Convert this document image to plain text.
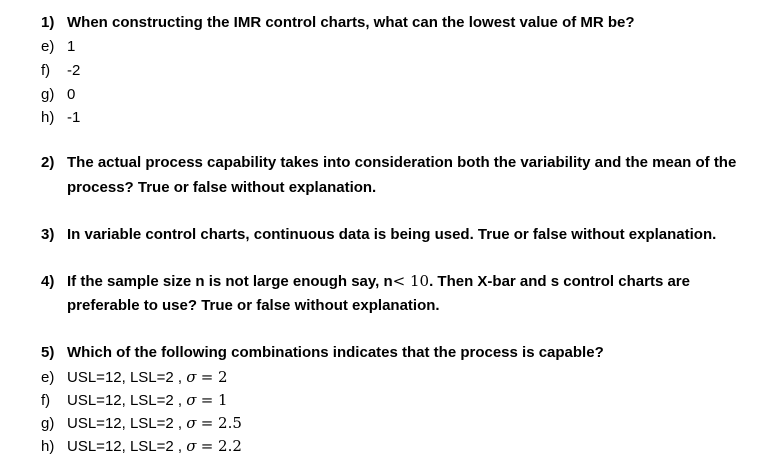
1) When constructing the IMR control charts, what can the lowest value of MR be?
e) 1
f) -2
g) 0
h) -1
2) The actual process capability takes into consideration both the variability and the mean of the
process? True or false without explanation.
3) In variable control charts, continuous data is being used. True or false without explanation.
4) If the sample size n is not large enough say, n< 10. Then X-bar and s control charts are
preferable to use? True or false without explanation.
5) Which of the following combinations indicates that the process is capable?
e) USL=12, LSL=2 , σ = 2
f) USL=12, LSL=2 , σ = 1
g) USL=12, LSL=2 , σ = 2.5
h) USL=12, LSL=2 , σ = 2.2
